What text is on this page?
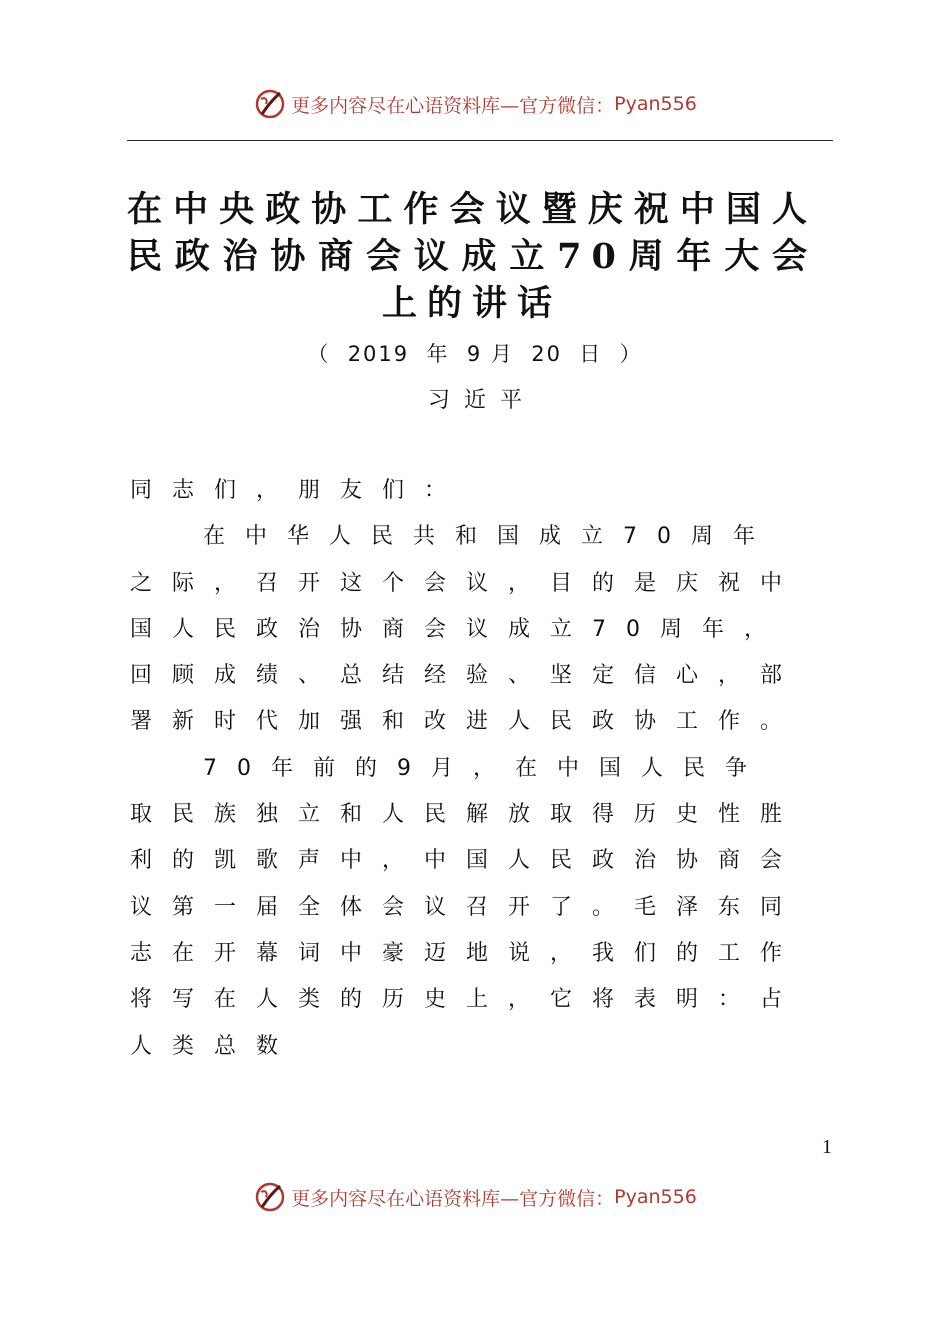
更多内容尽在心语资料库—官方微信： Pyan556
在中央政协工作会议暨庆祝中国人民政治协商会议成立70周年大会上的讲话
（  2019  年  9 月  20  日  ）
习  近  平

同志们，朋友们：

在中华人民共和国成立70周年之际，召开这个会议，目的是庆祝中国人民政治协商会议成立70周年，回顾成绩、总结经验、坚定信心，部署新时代加强和改进人民政协工作。

70年前的9月，在中国人民争取民族独立和人民解放取得历史性胜利的凯歌声中，中国人民政治协商会议第一届全体会议召开了。毛泽东同志在开幕词中豪迈地说，我们的工作将写在人类的历史上，它将表明：占人类总数

1
更多内容尽在心语资料库—官方微信： Pyan556
